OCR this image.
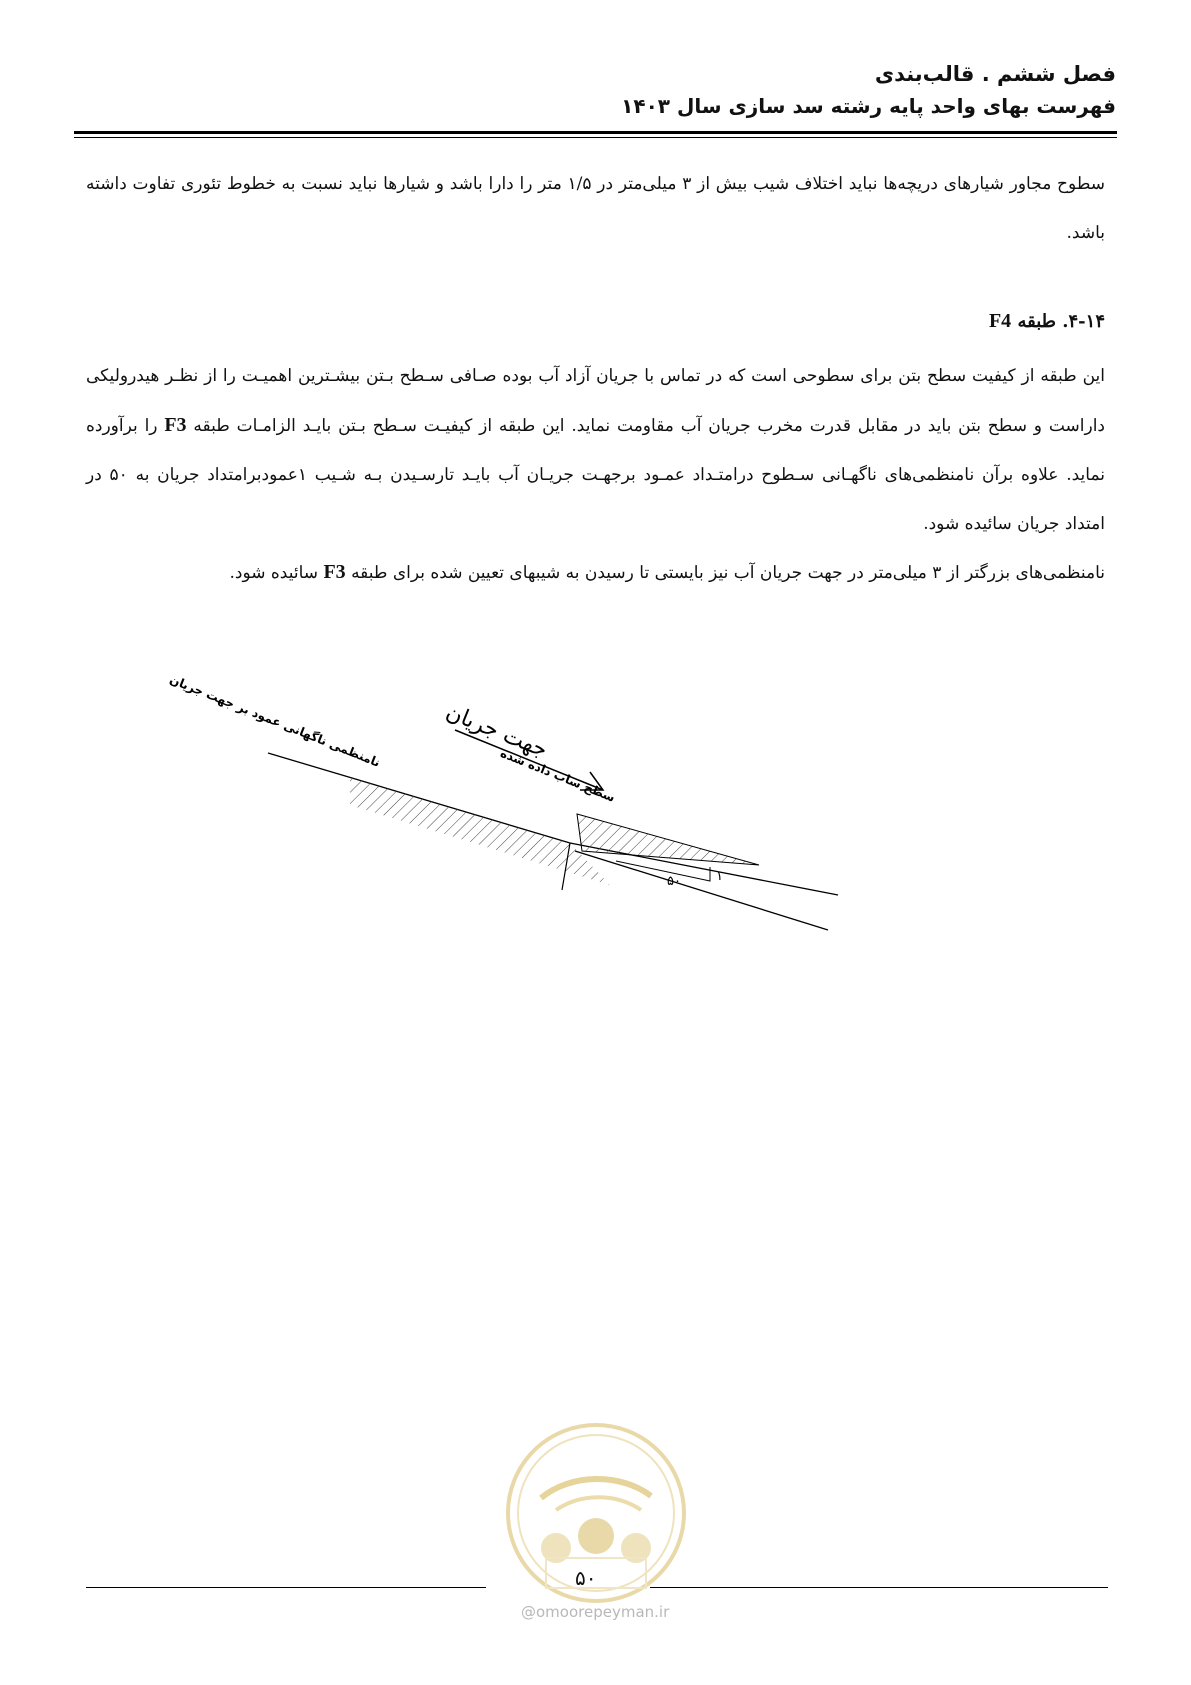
فصل ششم . قالب‌بندی
فهرست بهای واحد پایه رشته سد سازی سال ۱۴۰۳
سطوح مجاور شیارهای دریچه‌ها نباید اختلاف شیب بیش از ۳ میلی‌متر در ۱/۵ متر را دارا باشد و شیارها نباید نسبت به خطوط تئوری تفاوت داشته باشد.
۴-۱۴. طبقه F4
این طبقه از کیفیت سطح بتن برای سطوحی است که در تماس با جریان آزاد آب بوده صـافی سـطح بـتن بیشـترین اهمیـت را از نظـر هیدرولیکی داراست و سطح بتن باید در مقابل قدرت مخرب جریان آب مقاومت نماید. این طبقه از کیفیـت سـطح بـتن بایـد الزامـات طبقه F3 را برآورده نماید. علاوه برآن نامنظمی‌های ناگهـانی سـطوح درامتـداد عمـود برجهـت جریـان آب بایـد تارسـیدن بـه شـیب ۱عمودبرامتداد جریان به ۵۰ در امتداد جریان سائیده شود.
نامنظمی‌های بزرگتر از ۳ میلی‌متر در جهت جریان آب نیز بایستی تا رسیدن به شیبهای تعیین شده برای طبقه F3 سائیده شود.
جهت جریان
۵۰	۱
نامنظمی ناگهانی عمود بر جهت جریان
سطح ساب داده شده
۵۰
@omoorepeyman.ir
